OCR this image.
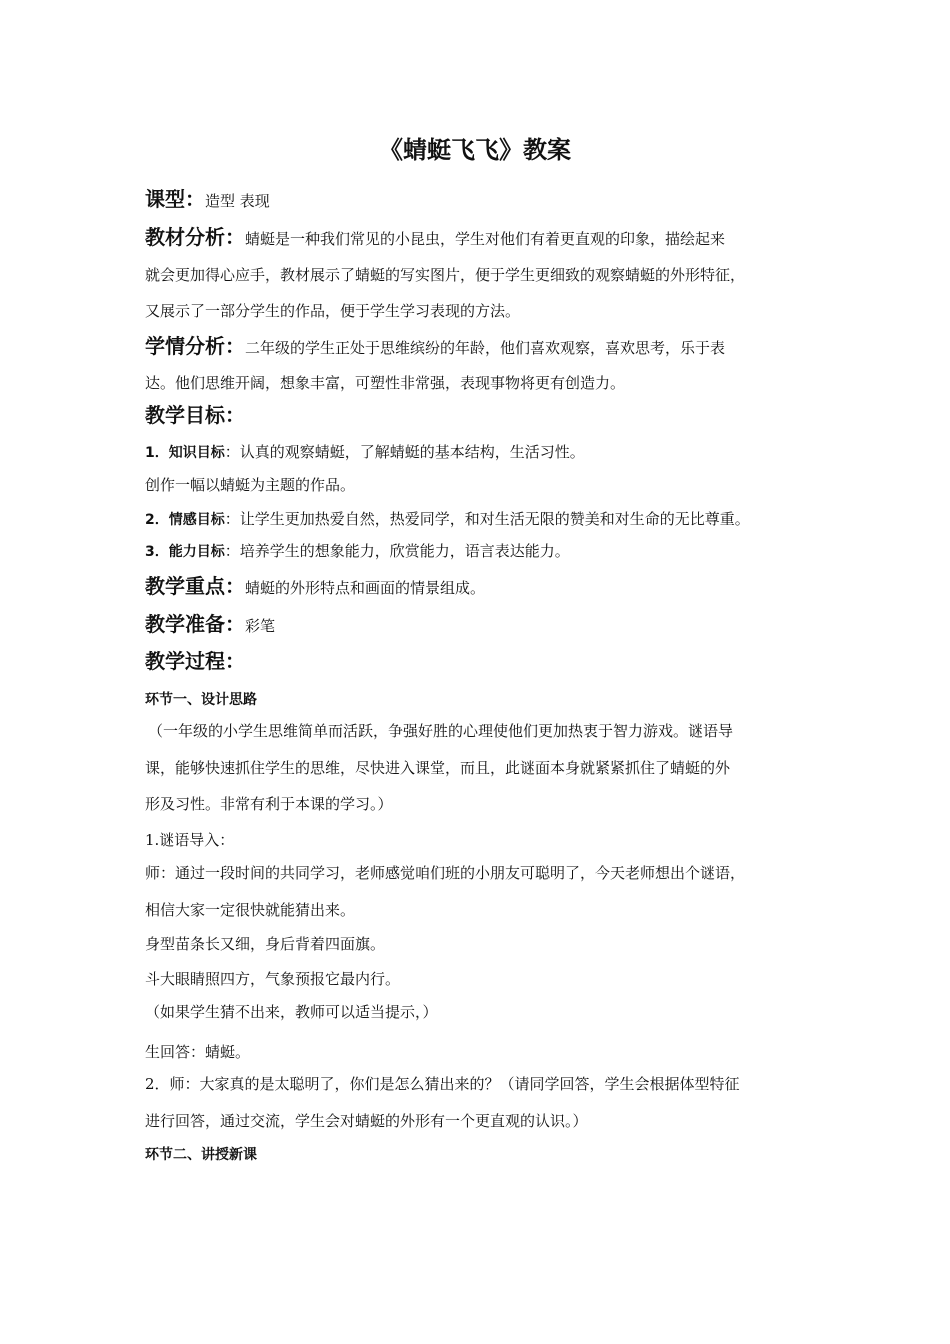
《蜻蜓飞飞》教案
课型：造型 表现
教材分析：蜻蜓是一种我们常见的小昆虫，学生对他们有着更直观的印象，描绘起来
就会更加得心应手，教材展示了蜻蜓的写实图片，便于学生更细致的观察蜻蜓的外形特征，
又展示了一部分学生的作品，便于学生学习表现的方法。
学情分析：二年级的学生正处于思维缤纷的年龄，他们喜欢观察，喜欢思考，乐于表
达。他们思维开阔，想象丰富，可塑性非常强，表现事物将更有创造力。
教学目标：
1．知识目标：认真的观察蜻蜓，了解蜻蜓的基本结构，生活习性。
创作一幅以蜻蜓为主题的作品。
2．情感目标：让学生更加热爱自然，热爱同学，和对生活无限的赞美和对生命的无比尊重。
3．能力目标：培养学生的想象能力，欣赏能力，语言表达能力。
教学重点：蜻蜓的外形特点和画面的情景组成。
教学准备：彩笔
教学过程：
环节一、设计思路
（一年级的小学生思维简单而活跃，争强好胜的心理使他们更加热衷于智力游戏。谜语导
课，能够快速抓住学生的思维，尽快进入课堂，而且，此谜面本身就紧紧抓住了蜻蜓的外
形及习性。非常有利于本课的学习。）
1.谜语导入：
师：通过一段时间的共同学习，老师感觉咱们班的小朋友可聪明了，今天老师想出个谜语，
相信大家一定很快就能猜出来。
身型苗条长又细，身后背着四面旗。
斗大眼睛照四方，气象预报它最内行。
（如果学生猜不出来，教师可以适当提示，）
生回答：蜻蜓。
2．师：大家真的是太聪明了，你们是怎么猜出来的？（请同学回答，学生会根据体型特征
进行回答，通过交流，学生会对蜻蜓的外形有一个更直观的认识。）
环节二、讲授新课
